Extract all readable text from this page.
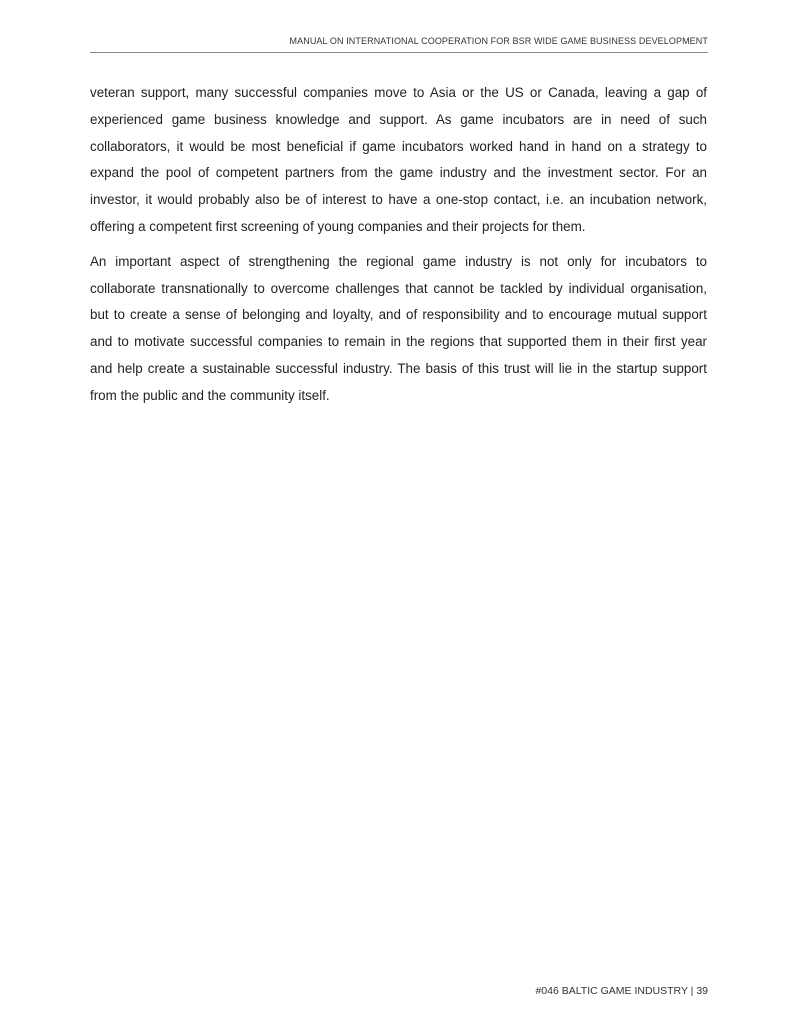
MANUAL ON INTERNATIONAL COOPERATION FOR BSR WIDE GAME BUSINESS DEVELOPMENT
veteran support, many successful companies move to Asia or the US or Canada, leaving a gap of
experienced game business knowledge and support. As game incubators are in need of such
collaborators, it would be most beneficial if game incubators worked hand in hand on a strategy to
expand the pool of competent partners from the game industry and the investment sector. For an
investor, it would probably also be of interest to have a one-stop contact, i.e. an incubation network,
offering a competent first screening of young companies and their projects for them.
An important aspect of strengthening the regional game industry is not only for incubators to
collaborate transnationally to overcome challenges that cannot be tackled by individual organisation,
but to create a sense of belonging and loyalty, and of responsibility and to encourage mutual support
and to motivate successful companies to remain in the regions that supported them in their first year
and help create a sustainable successful industry. The basis of this trust will lie in the startup support
from the public and the community itself.
#046 BALTIC GAME INDUSTRY | 39
